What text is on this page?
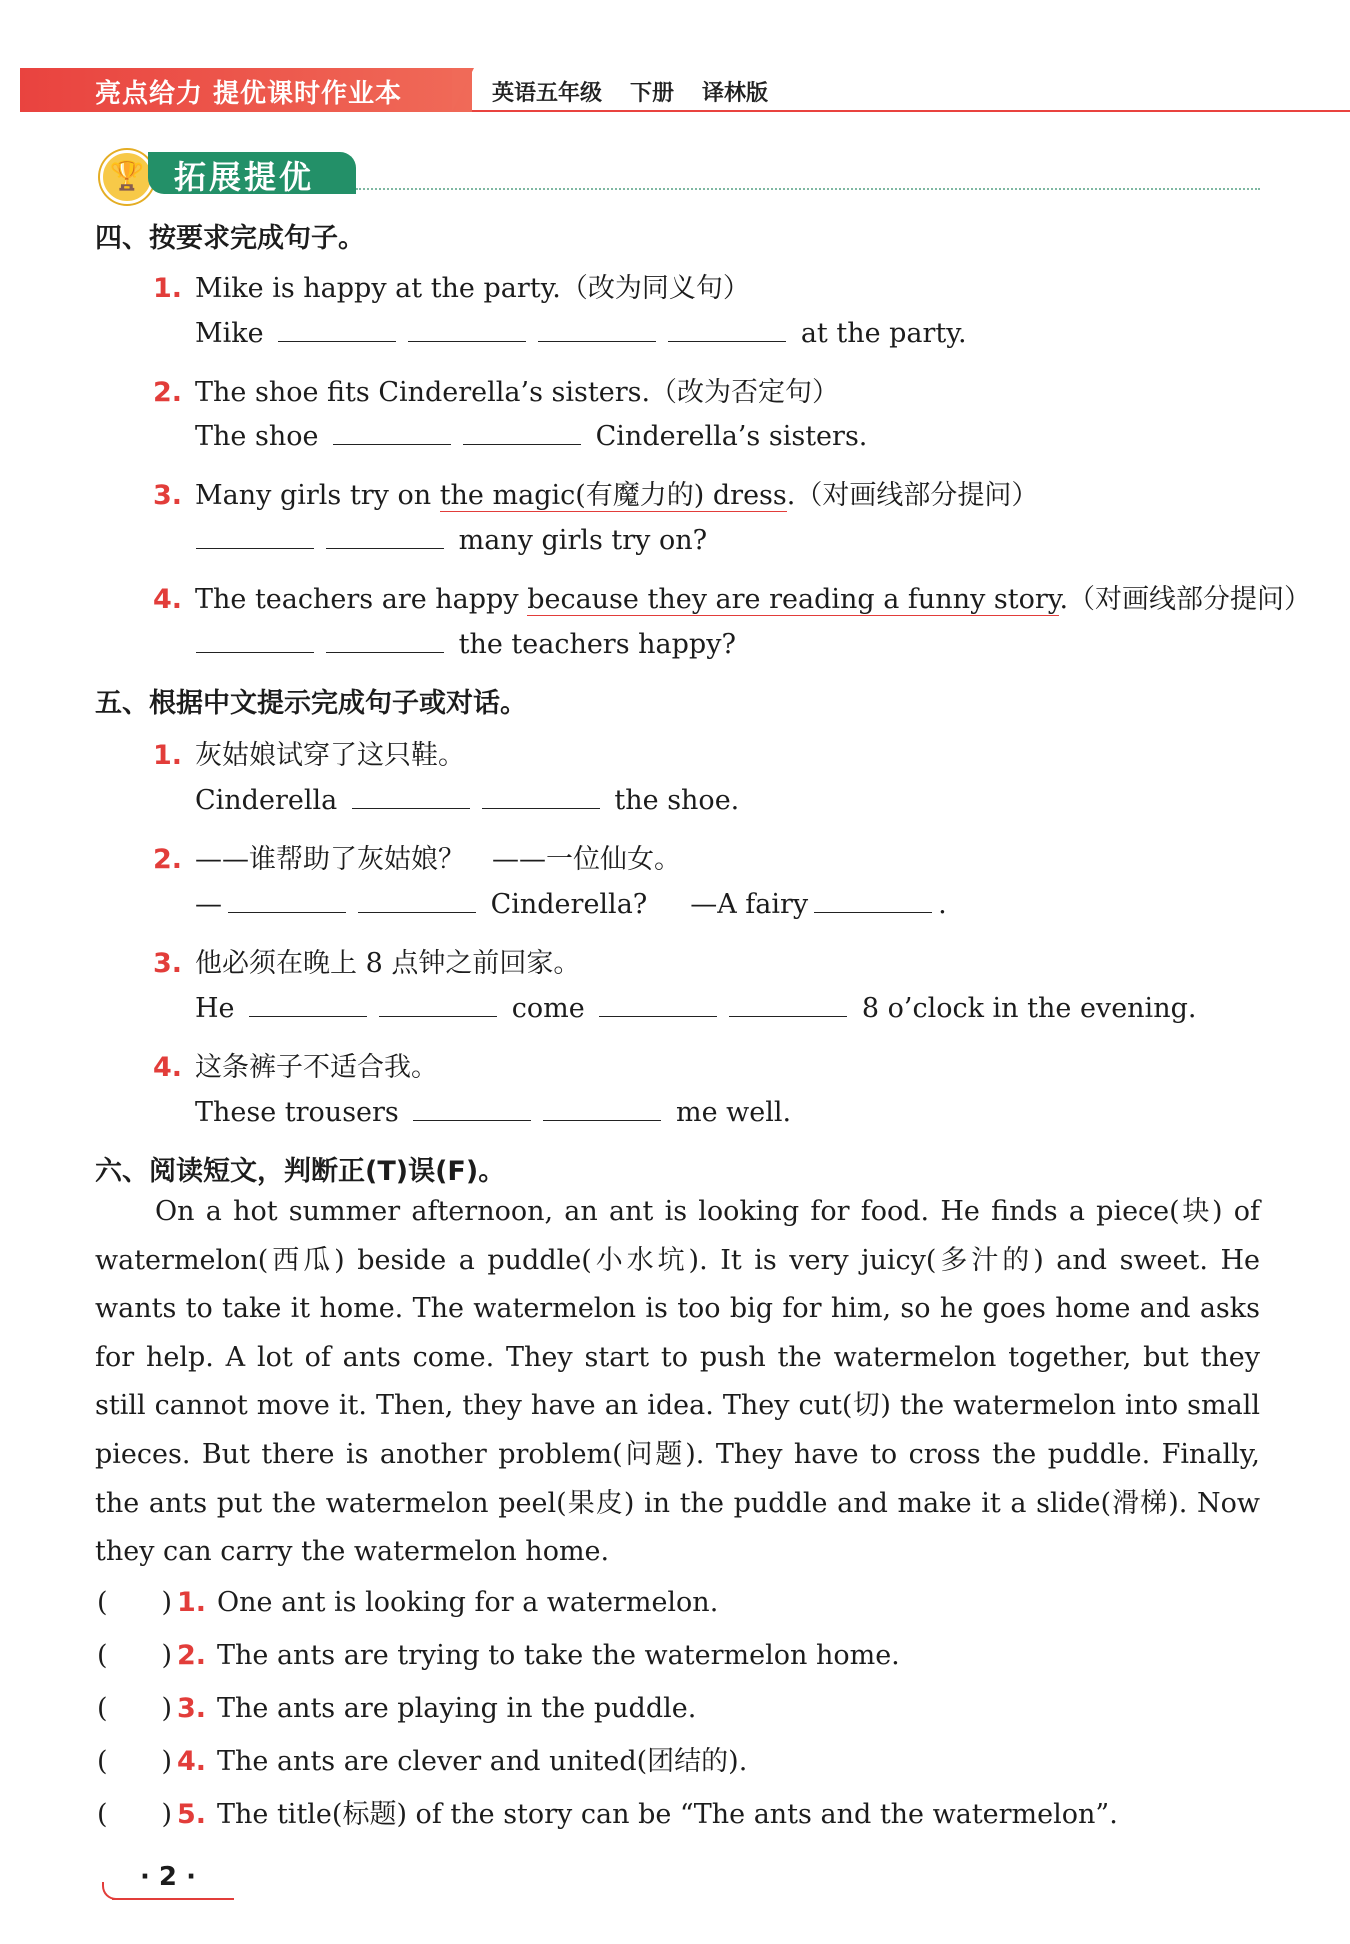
亮点给力 提优课时作业本	英语五年级 下册 译林版
🏆 拓展提优
四、按要求完成句子。
1. Mike is happy at the party.（改为同义句）
Mike	at the party.
2. The shoe fits Cinderella’s sisters.（改为否定句）
The shoe	Cinderella’s sisters.
3. Many girls try on the magic(有魔力的) dress.（对画线部分提问）
many girls try on?
4. The teachers are happy because they are reading a funny story.（对画线部分提问）
the teachers happy?
五、根据中文提示完成句子或对话。
1. 灰姑娘试穿了这只鞋。
Cinderella	the shoe.
2. ——谁帮助了灰姑娘？　——一位仙女。
—	Cinderella? —A fairy	.
3. 他必须在晚上 8 点钟之前回家。
He	come	8 o’clock in the evening.
4. 这条裤子不适合我。
These trousers	me well.
六、阅读短文，判断正(T)误(F)。

On a hot summer afternoon, an ant is looking for food. He finds a piece(块) of watermelon(西瓜) beside a puddle(小水坑). It is very juicy(多汁的) and sweet. He wants to take it home. The watermelon is too big for him, so he goes home and asks for help. A lot of ants come. They start to push the watermelon together, but they still cannot move it. Then, they have an idea. They cut(切) the watermelon into small pieces. But there is another problem(问题). They have to cross the puddle. Finally, the ants put the watermelon peel(果皮) in the puddle and make it a slide(滑梯). Now they can carry the watermelon home.

(　　) 1. One ant is looking for a watermelon.
(　　) 2. The ants are trying to take the watermelon home.
(　　) 3. The ants are playing in the puddle.
(　　) 4. The ants are clever and united(团结的).
(　　) 5. The title(标题) of the story can be “The ants and the watermelon”.
· 2 ·
